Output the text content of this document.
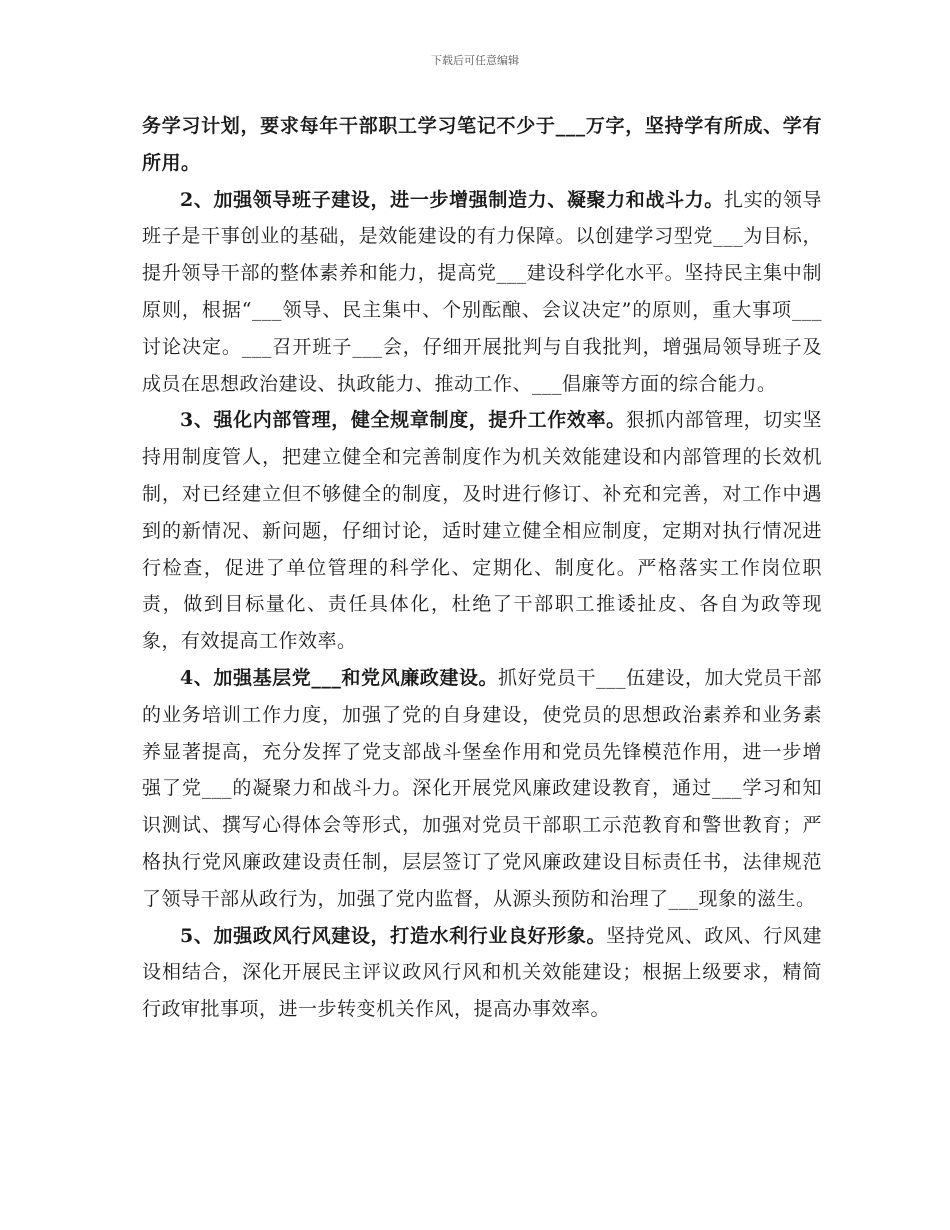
下载后可任意编辑

务学习计划，要求每年干部职工学习笔记不少于___万字，坚持学有所成、学有所用。

2、加强领导班子建设，进一步增强制造力、凝聚力和战斗力。扎实的领导班子是干事创业的基础，是效能建设的有力保障。以创建学习型党___为目标，提升领导干部的整体素养和能力，提高党___建设科学化水平。坚持民主集中制原则，根据“___领导、民主集中、个别酝酿、会议决定”的原则，重大事项___讨论决定。___召开班子___会，仔细开展批判与自我批判，增强局领导班子及成员在思想政治建设、执政能力、推动工作、___倡廉等方面的综合能力。

3、强化内部管理，健全规章制度，提升工作效率。狠抓内部管理，切实坚持用制度管人，把建立健全和完善制度作为机关效能建设和内部管理的长效机制，对已经建立但不够健全的制度，及时进行修订、补充和完善，对工作中遇到的新情况、新问题，仔细讨论，适时建立健全相应制度，定期对执行情况进行检查，促进了单位管理的科学化、定期化、制度化。严格落实工作岗位职责，做到目标量化、责任具体化，杜绝了干部职工推诿扯皮、各自为政等现象，有效提高工作效率。

4、加强基层党___和党风廉政建设。抓好党员干___伍建设，加大党员干部的业务培训工作力度，加强了党的自身建设，使党员的思想政治素养和业务素养显著提高，充分发挥了党支部战斗堡垒作用和党员先锋模范作用，进一步增强了党___的凝聚力和战斗力。深化开展党风廉政建设教育，通过___学习和知识测试、撰写心得体会等形式，加强对党员干部职工示范教育和警世教育；严格执行党风廉政建设责任制，层层签订了党风廉政建设目标责任书，法律规范了领导干部从政行为，加强了党内监督，从源头预防和治理了___现象的滋生。

5、加强政风行风建设，打造水利行业良好形象。坚持党风、政风、行风建设相结合，深化开展民主评议政风行风和机关效能建设；根据上级要求，精简行政审批事项，进一步转变机关作风，提高办事效率。
